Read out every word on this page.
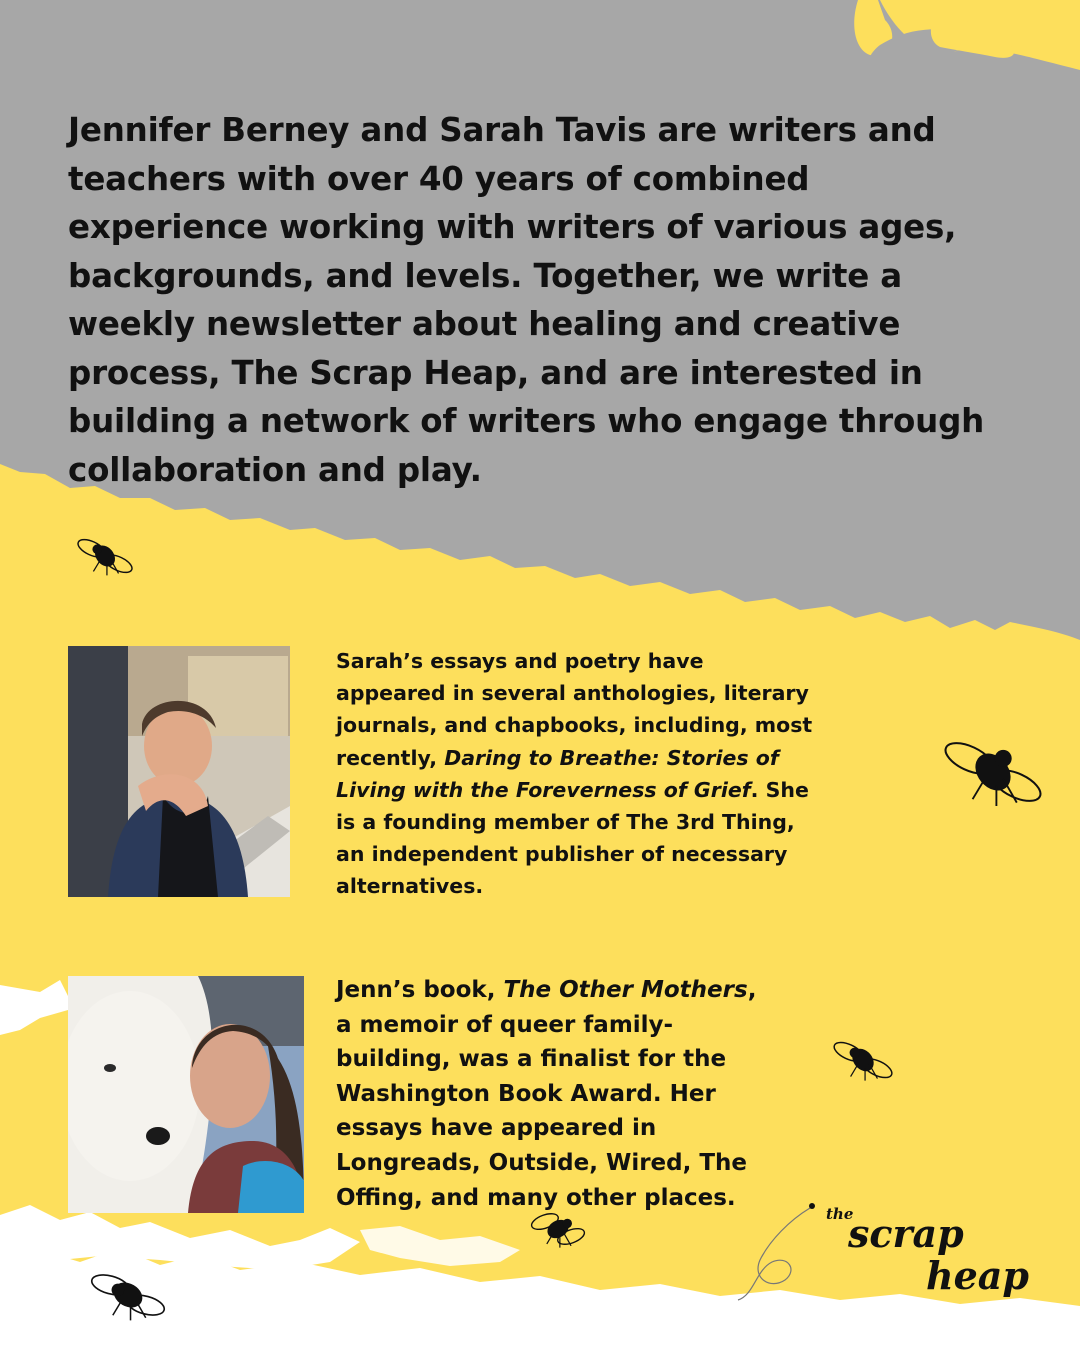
Jennifer Berney and Sarah Tavis are writers and teachers with over 40 years of combined experience working with writers of various ages, backgrounds, and levels. Together, we write a weekly newsletter about healing and creative process, The Scrap Heap, and are interested in building a network of writers who engage through collaboration and play.

Sarah’s essays and poetry have appeared in several anthologies, literary journals, and chapbooks, including, most recently, Daring to Breathe: Stories of Living with the Foreverness of Grief. She is a founding member of The 3rd Thing, an independent publisher of necessary alternatives.

Jenn’s book, The Other Mothers, a memoir of queer family-building, was a finalist for the Washington Book Award. Her essays have appeared in Longreads, Outside, Wired, The Offing, and many other places.

the
scrap
heap
